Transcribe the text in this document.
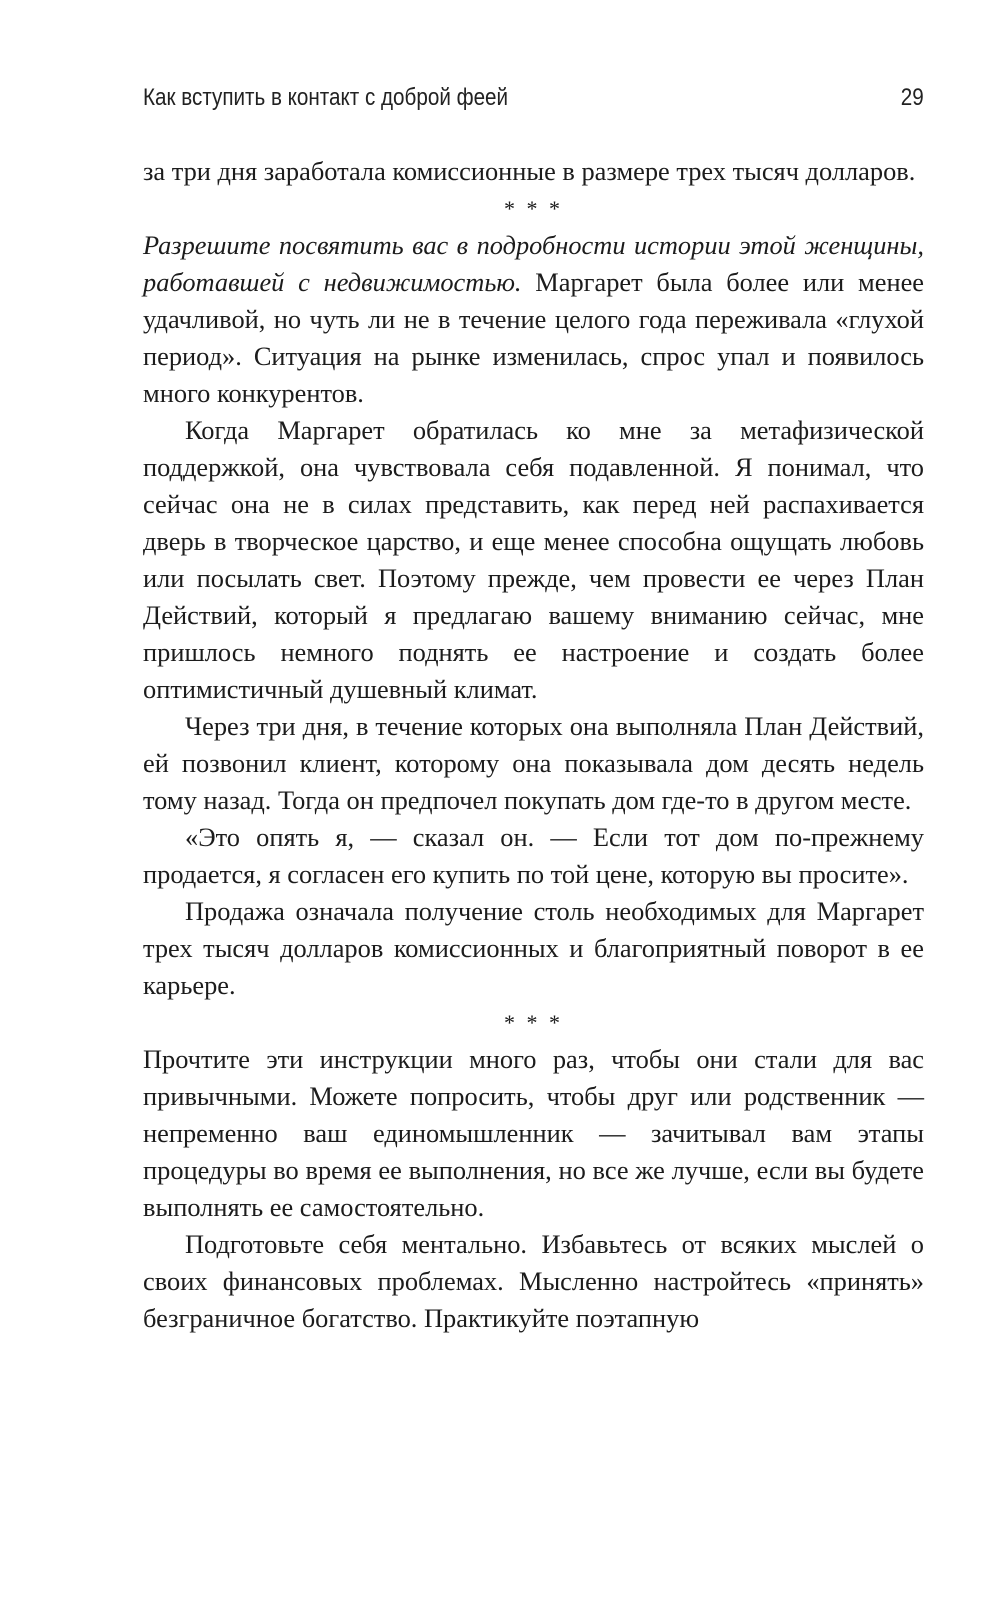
Как вступить в контакт с доброй феей	29

за три дня заработала комиссионные в размере трех тысяч долларов.

* * *

Разрешите посвятить вас в подробности истории этой женщины, работавшей с недвижимостью. Маргарет была более или менее удачливой, но чуть ли не в течение целого года переживала «глухой период». Ситуация на рынке изменилась, спрос упал и появилось много конкурентов.

Когда Маргарет обратилась ко мне за метафизической поддержкой, она чувствовала себя подавленной. Я понимал, что сейчас она не в силах представить, как перед ней распахивается дверь в творческое царство, и еще менее способна ощущать любовь или посылать свет. Поэтому прежде, чем провести ее через План Действий, который я предлагаю вашему вниманию сейчас, мне пришлось немного поднять ее настроение и создать более оптимистичный душевный климат.

Через три дня, в течение которых она выполняла План Действий, ей позвонил клиент, которому она показывала дом десять недель тому назад. Тогда он предпочел покупать дом где-то в другом месте.

«Это опять я, — сказал он. — Если тот дом по-прежнему продается, я согласен его купить по той цене, которую вы просите».

Продажа означала получение столь необходимых для Маргарет трех тысяч долларов комиссионных и благоприятный поворот в ее карьере.

* * *

Прочтите эти инструкции много раз, чтобы они стали для вас привычными. Можете попросить, чтобы друг или родственник — непременно ваш единомышленник — зачитывал вам этапы процедуры во время ее выполнения, но все же лучше, если вы будете выполнять ее самостоятельно.

Подготовьте себя ментально. Избавьтесь от всяких мыслей о своих финансовых проблемах. Мысленно настройтесь «принять» безграничное богатство. Практикуйте поэтапную
